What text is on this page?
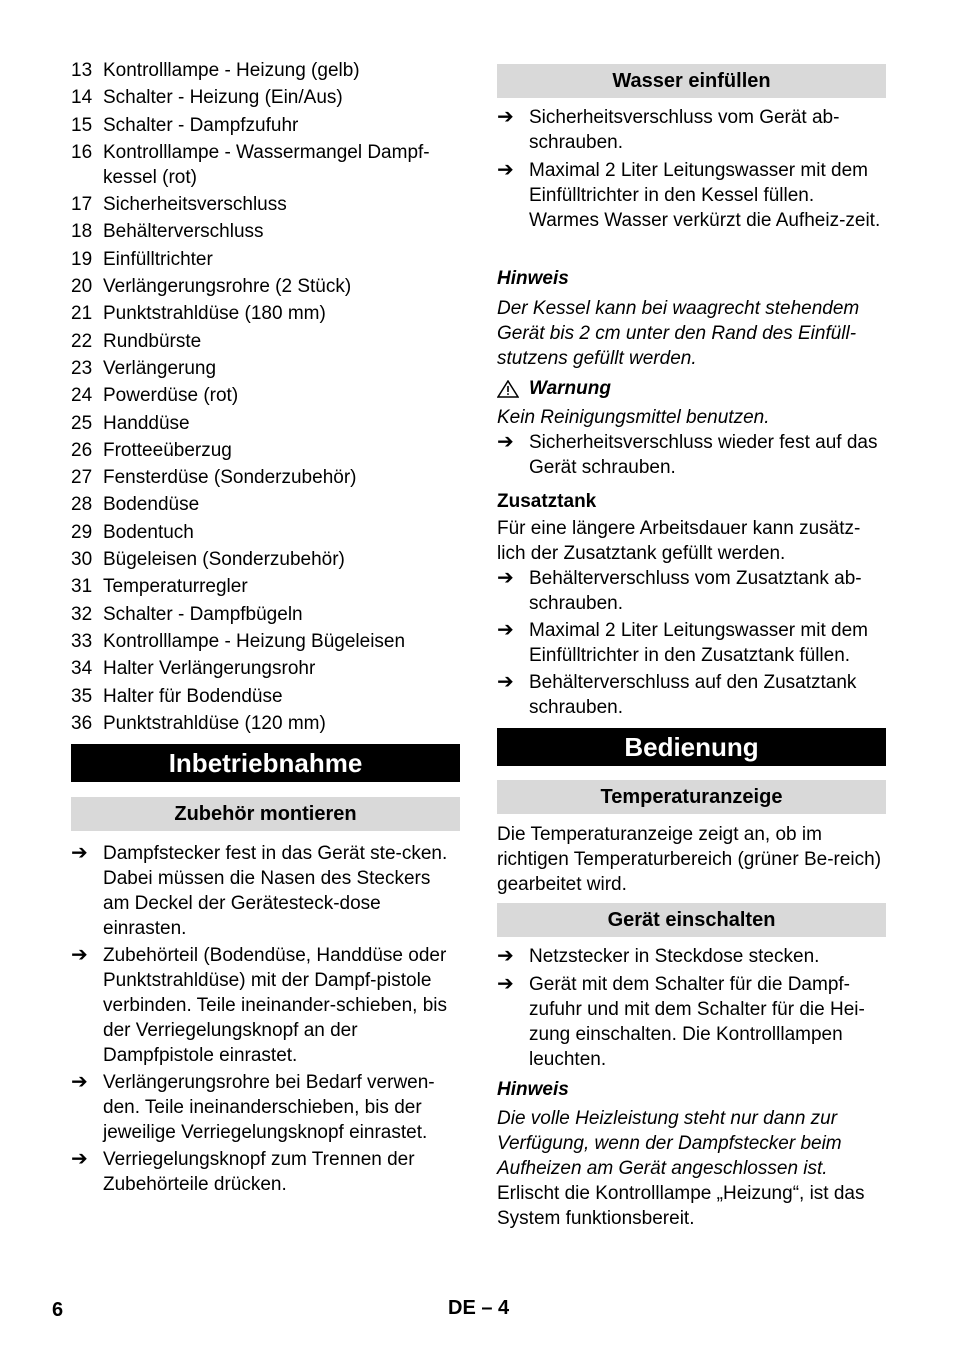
13 Kontrolllampe - Heizung (gelb)
14 Schalter - Heizung (Ein/Aus)
15 Schalter - Dampfzufuhr
16 Kontrolllampe - Wassermangel Dampf-kessel (rot)
17 Sicherheitsverschluss
18 Behälterverschluss
19 Einfülltrichter
20 Verlängerungsrohre (2 Stück)
21 Punktstrahldüse (180 mm)
22 Rundbürste
23 Verlängerung
24 Powerdüse (rot)
25 Handdüse
26 Frotteeüberzug
27 Fensterdüse (Sonderzubehör)
28 Bodendüse
29 Bodentuch
30 Bügeleisen (Sonderzubehör)
31 Temperaturregler
32 Schalter - Dampfbügeln
33 Kontrolllampe - Heizung Bügeleisen
34 Halter Verlängerungsrohr
35 Halter für Bodendüse
36 Punktstrahldüse (120 mm)
Inbetriebnahme
Zubehör montieren
➔ Dampfstecker fest in das Gerät ste-cken. Dabei müssen die Nasen des Steckers am Deckel der Gerätesteck-dose einrasten.
➔ Zubehörteil (Bodendüse, Handdüse oder Punktstrahldüse) mit der Dampf-pistole verbinden. Teile ineinander-schieben, bis der Verriegelungsknopf an der Dampfpistole einrastet.
➔ Verlängerungsrohre bei Bedarf verwen-den. Teile ineinanderschieben, bis der jeweilige Verriegelungsknopf einrastet.
➔ Verriegelungsknopf zum Trennen der Zubehörteile drücken.
Wasser einfüllen
➔ Sicherheitsverschluss vom Gerät ab-schrauben.
➔ Maximal 2 Liter Leitungswasser mit dem Einfülltrichter in den Kessel füllen. Warmes Wasser verkürzt die Aufheiz-zeit.
Hinweis
Der Kessel kann bei waagrecht stehendem Gerät bis 2 cm unter den Rand des Einfüll-stutzens gefüllt werden.
Warnung
Kein Reinigungsmittel benutzen.
➔ Sicherheitsverschluss wieder fest auf das Gerät schrauben.
Zusatztank
Für eine längere Arbeitsdauer kann zusätz-lich der Zusatztank gefüllt werden.
➔ Behälterverschluss vom Zusatztank ab-schrauben.
➔ Maximal 2 Liter Leitungswasser mit dem Einfülltrichter in den Zusatztank füllen.
➔ Behälterverschluss auf den Zusatztank schrauben.
Bedienung
Temperaturanzeige
Die Temperaturanzeige zeigt an, ob im richtigen Temperaturbereich (grüner Be-reich) gearbeitet wird.
Gerät einschalten
➔ Netzstecker in Steckdose stecken.
➔ Gerät mit dem Schalter für die Dampf-zufuhr und mit dem Schalter für die Hei-zung einschalten. Die Kontrolllampen leuchten.
Hinweis
Die volle Heizleistung steht nur dann zur Verfügung, wenn der Dampfstecker beim Aufheizen am Gerät angeschlossen ist.
Erlischt die Kontrolllampe „Heizung“, ist das System funktionsbereit.
6	DE – 4
